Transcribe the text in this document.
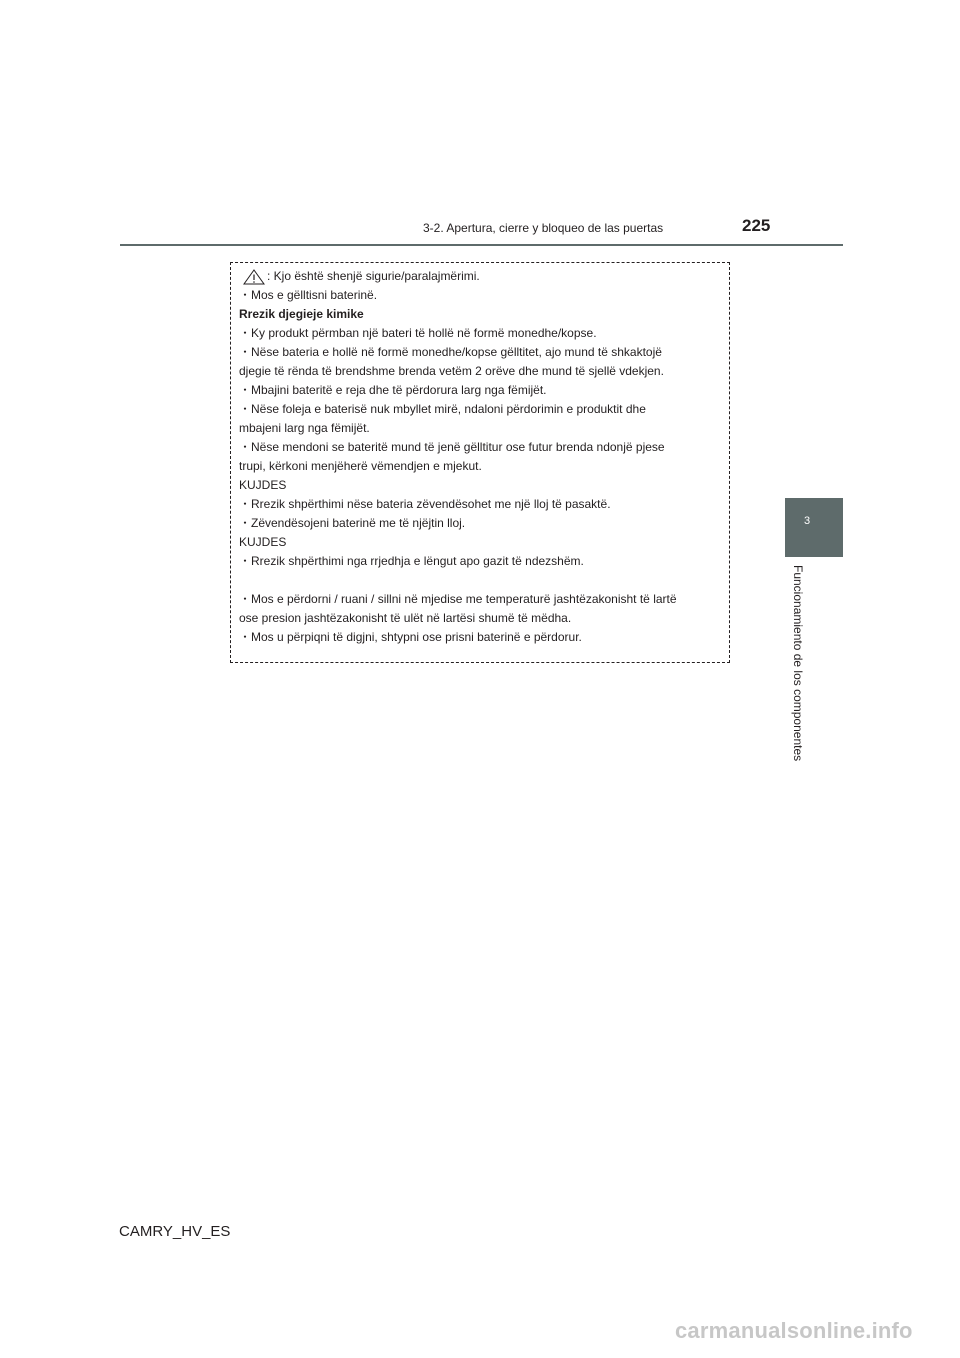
3-2. Apertura, cierre y bloqueo de las puertas	225
3
Funcionamiento de los componentes
: Kjo është shenjë sigurie/paralajmërimi.
・Mos e gëlltisni baterinë.
Rrezik djegieje kimike
・Ky produkt përmban një bateri të hollë në formë monedhe/kopse.
・Nëse bateria e hollë në formë monedhe/kopse gëlltitet, ajo mund të shkaktojë
djegie të rënda të brendshme brenda vetëm 2 orëve dhe mund të sjellë vdekjen.
・Mbajini bateritë e reja dhe të përdorura larg nga fëmijët.
・Nëse foleja e baterisë nuk mbyllet mirë, ndaloni përdorimin e produktit dhe
mbajeni larg nga fëmijët.
・Nëse mendoni se bateritë mund të jenë gëlltitur ose futur brenda ndonjë pjese
trupi, kërkoni menjëherë vëmendjen e mjekut.
KUJDES
・Rrezik shpërthimi nëse bateria zëvendësohet me një lloj të pasaktë.
・Zëvendësojeni baterinë me të njëjtin lloj.
KUJDES
・Rrezik shpërthimi nga rrjedhja e lëngut apo gazit të ndezshëm.
・Mos e përdorni / ruani / sillni në mjedise me temperaturë jashtëzakonisht të lartë
ose presion jashtëzakonisht të ulët në lartësi shumë të mëdha.
・Mos u përpiqni të digjni, shtypni ose prisni baterinë e përdorur.
CAMRY_HV_ES
carmanualsonline.info
